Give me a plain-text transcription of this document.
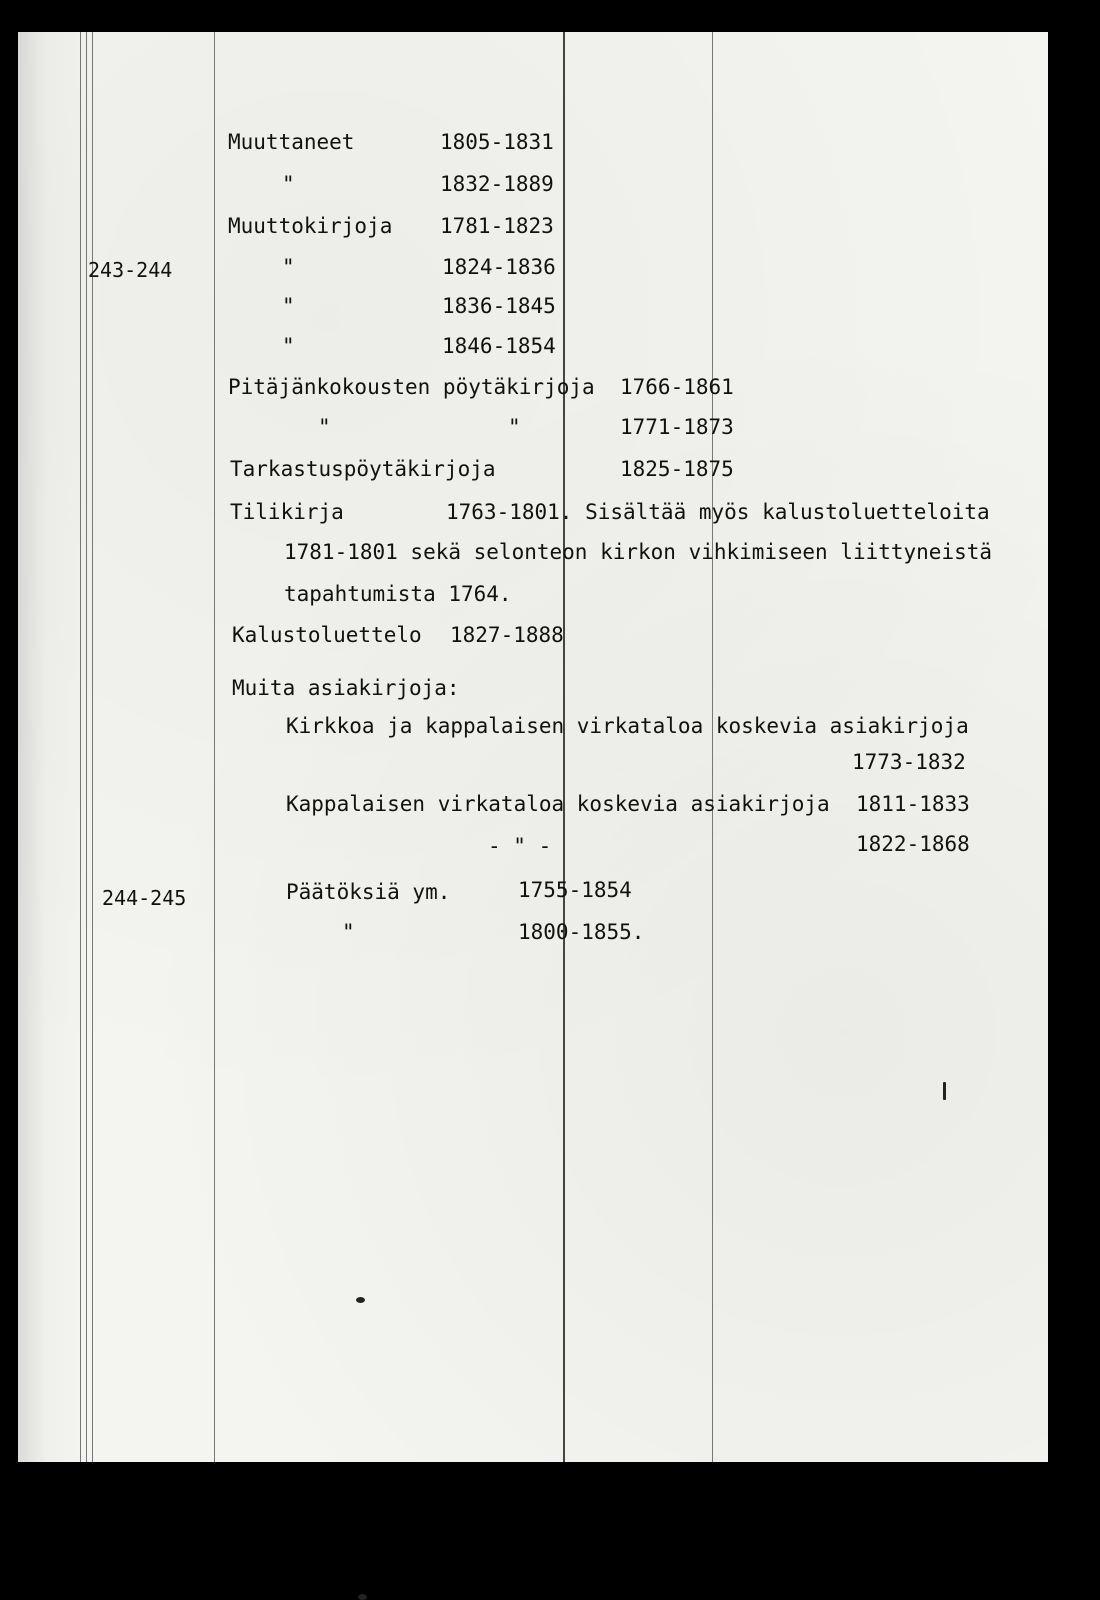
243-244
244-245
Muuttaneet	1805-1831
"	1832-1889
Muuttokirjoja 1781-1823
"	1824-1836
"	1836-1845
"	1846-1854
Pitäjänkokousten pöytäkirjoja 1766-1861
"	"	1771-1873
Tarkastuspöytäkirjoja	1825-1875
Tilikirja	1763-1801. Sisältää myös kalustoluetteloita
1781-1801 sekä selonteon kirkon vihkimiseen liittyneistä
tapahtumista 1764.
Kalustoluettelo 1827-1888
Muita asiakirjoja:
Kirkkoa ja kappalaisen virkataloa koskevia asiakirjoja
1773-1832
Kappalaisen virkataloa koskevia asiakirjoja 1811-1833
- " -	1822-1868
Päätöksiä ym.	1755-1854
"	1800-1855.
